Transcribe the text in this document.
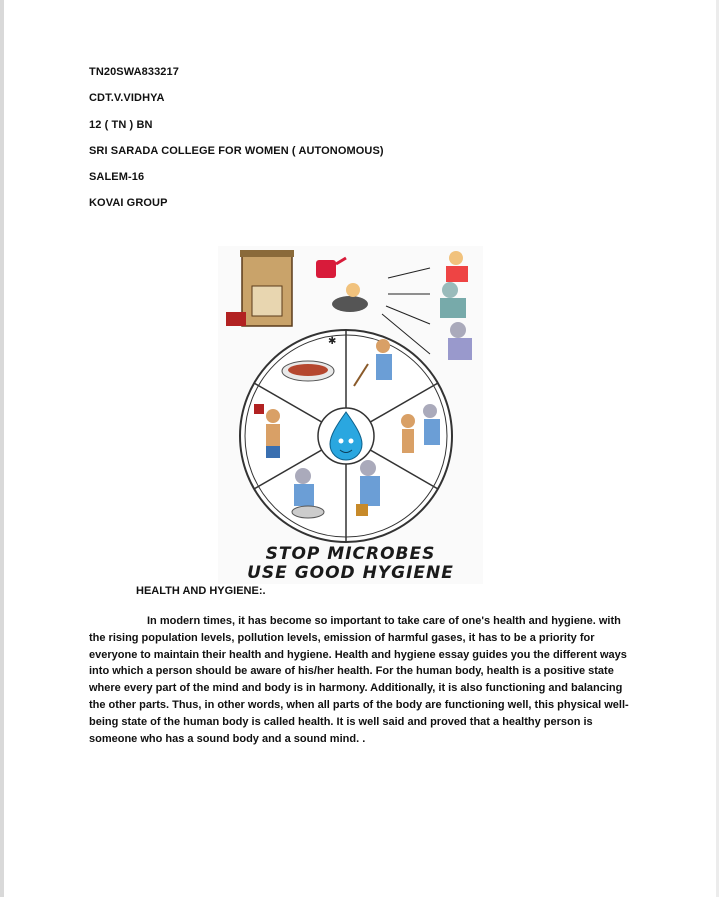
TN20SWA833217
CDT.V.VIDHYA
12 ( TN ) BN
SRI SARADA COLLEGE FOR WOMEN ( AUTONOMOUS)
SALEM-16
KOVAI GROUP
✱
STOP MICROBES
USE GOOD HYGIENE
HEALTH AND HYGIENE:.
In modern times, it has become so important to take care of one's health and hygiene. with the rising population levels, pollution levels, emission of harmful gases, it has to be a priority for everyone to maintain their health and hygiene. Health and hygiene essay guides you the different ways into which a person should be aware of his/her health. For the human body, health is a positive state where every part of the mind and body is in harmony. Additionally, it is also functioning and balancing the other parts. Thus, in other words, when all parts of the body are functioning well, this physical well-being state of the human body is called health. It is well said and proved that a healthy person is someone who has a sound body and a sound mind. .
